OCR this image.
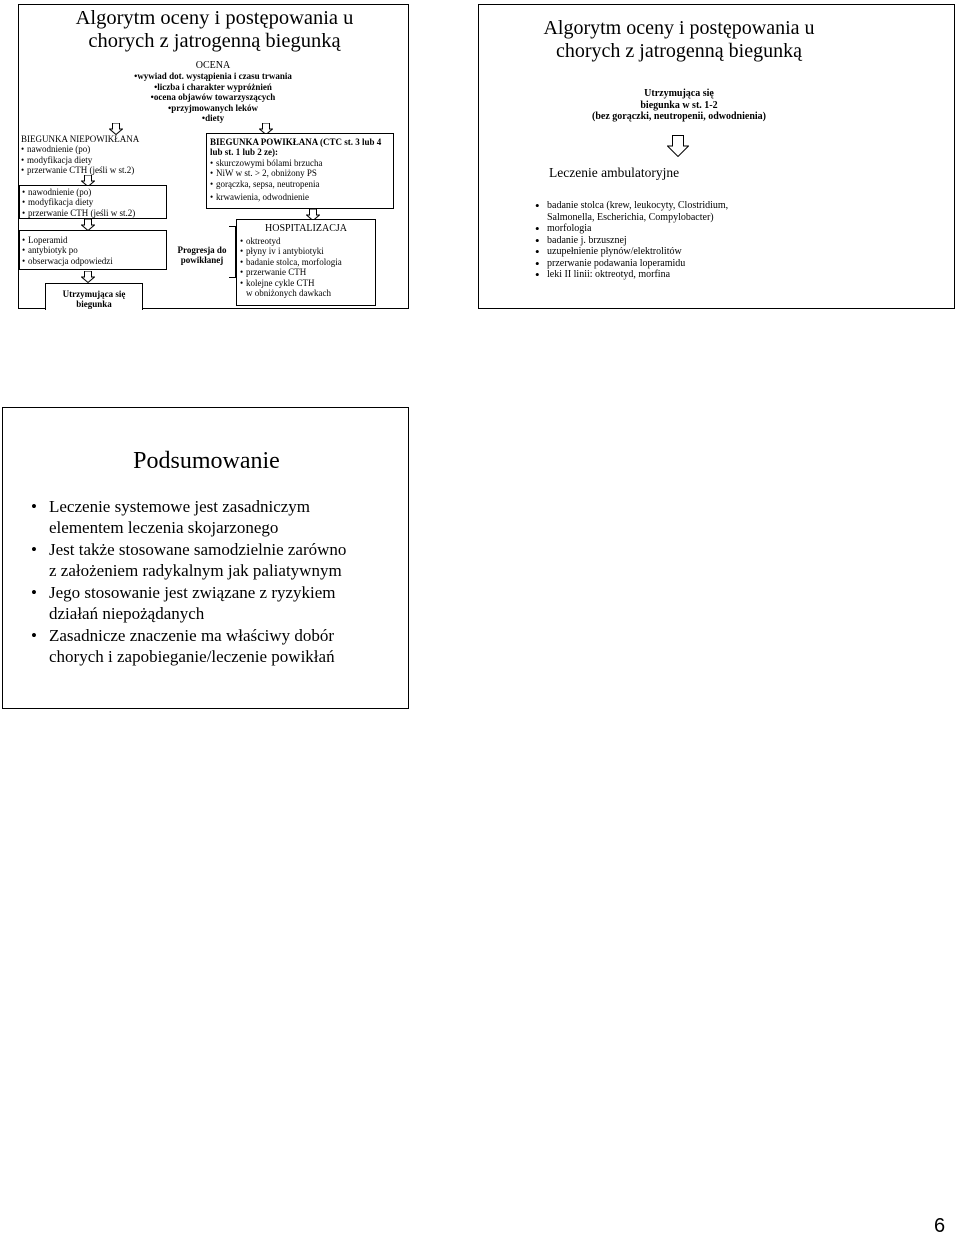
Algorytm oceny i postępowania u
chorych z jatrogenną biegunką
OCENA
•wywiad dot. wystąpienia i czasu trwania
•liczba i charakter wypróżnień
•ocena objawów towarzyszących
•przyjmowanych leków
•diety
BIEGUNKA NIEPOWIKŁANA
• nawodnienie (po)
• modyfikacja diety
• przerwanie CTH (jeśli w st.2)
• nawodnienie (po)
• modyfikacja diety
• przerwanie CTH (jeśli w st.2)
• Loperamid
• antybiotyk po
• obserwacja odpowiedzi
Utrzymująca się
biegunka
Progresja do
powikłanej
BIEGUNKA POWIKŁANA (CTC st. 3 lub 4
lub st. 1 lub 2 ze):
• skurczowymi bólami brzucha
• NiW w st. > 2, obniżony PS
• gorączka, sepsa, neutropenia
• krwawienia, odwodnienie
HOSPITALIZACJA
• oktreotyd
• płyny iv i antybiotyki
• badanie stolca, morfologia
• przerwanie CTH
• kolejne cykle CTH
w obniżonych dawkach
Algorytm oceny i postępowania u
chorych z jatrogenną biegunką
Utrzymująca się
biegunka w st. 1-2
(bez gorączki, neutropenii, odwodnienia)
Leczenie ambulatoryjne
• badanie stolca (krew, leukocyty, Clostridium,
Salmonella, Escherichia, Compylobacter)
• morfologia
• badanie j. brzusznej
• uzupełnienie płynów/elektrolitów
• przerwanie podawania loperamidu
• leki II linii: oktreotyd, morfina
Podsumowanie
• Leczenie systemowe jest zasadniczym
elementem leczenia skojarzonego
• Jest także stosowane samodzielnie zarówno
z założeniem radykalnym jak paliatywnym
• Jego stosowanie jest związane z ryzykiem
działań niepożądanych
• Zasadnicze znaczenie ma właściwy dobór
chorych i zapobieganie/leczenie powikłań
6
